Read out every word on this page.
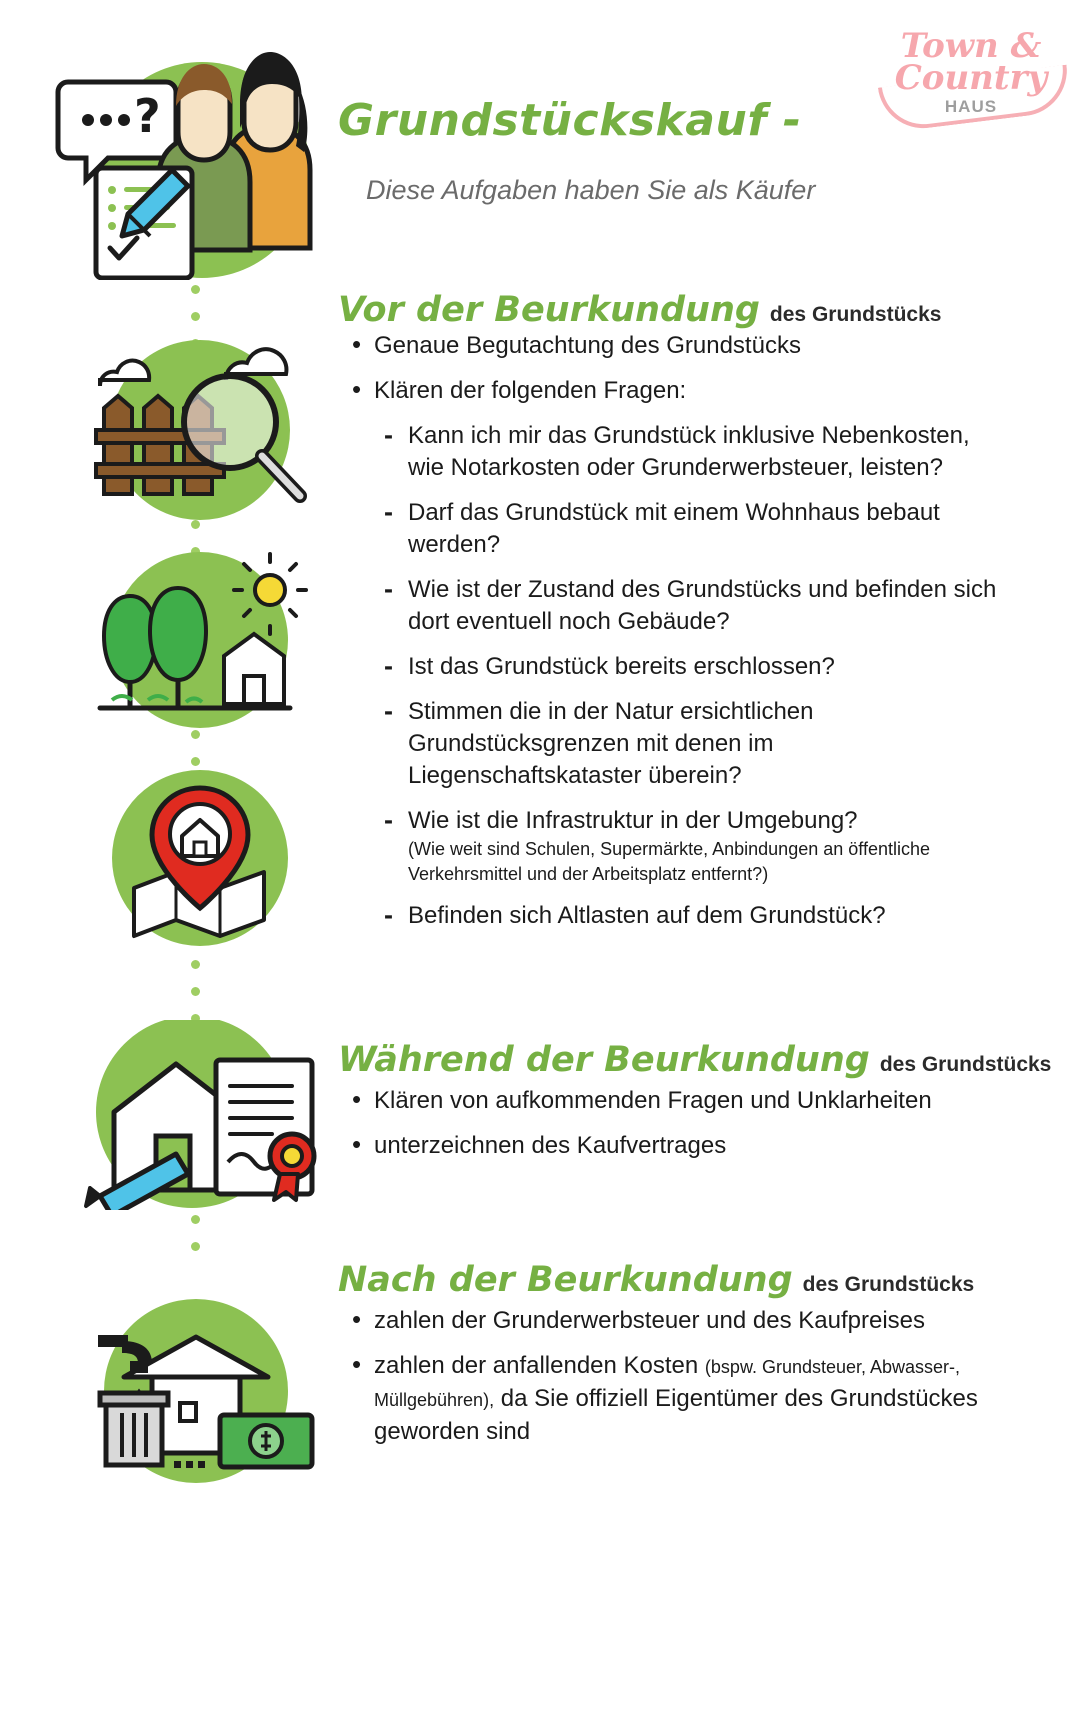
?	Grundstückskauf -
Diese Aufgaben haben Sie als Käufer
Town &
Country
HAUS
Vor der Beurkundung des Grundstücks
• Genaue Begutachtung des Grundstücks
• Klären der folgenden Fragen:
- Kann ich mir das Grundstück inklusive Nebenkosten, wie Notarkosten oder Grunderwerbsteuer, leisten?
- Darf das Grundstück mit einem Wohnhaus bebaut werden?
- Wie ist der Zustand des Grundstücks und befinden sich dort eventuell noch Gebäude?
- Ist das Grundstück bereits erschlossen?
- Stimmen die in der Natur ersichtlichen Grundstücksgrenzen mit denen im Liegenschaftskataster überein?
- Wie ist die Infrastruktur in der Umgebung?
(Wie weit sind Schulen, Supermärkte, Anbindungen an öffentliche Verkehrsmittel und der Arbeitsplatz entfernt?)
- Befinden sich Altlasten auf dem Grundstück?
Während der Beurkundung des Grundstücks
• Klären von aufkommenden Fragen und Unklarheiten
• unterzeichnen des Kaufvertrages
Nach der Beurkundung des Grundstücks
• zahlen der Grunderwerbsteuer und des Kaufpreises
• zahlen der anfallenden Kosten (bspw. Grundsteuer, Abwasser-, Müllgebühren), da Sie offiziell Eigentümer des Grundstückes geworden sind
